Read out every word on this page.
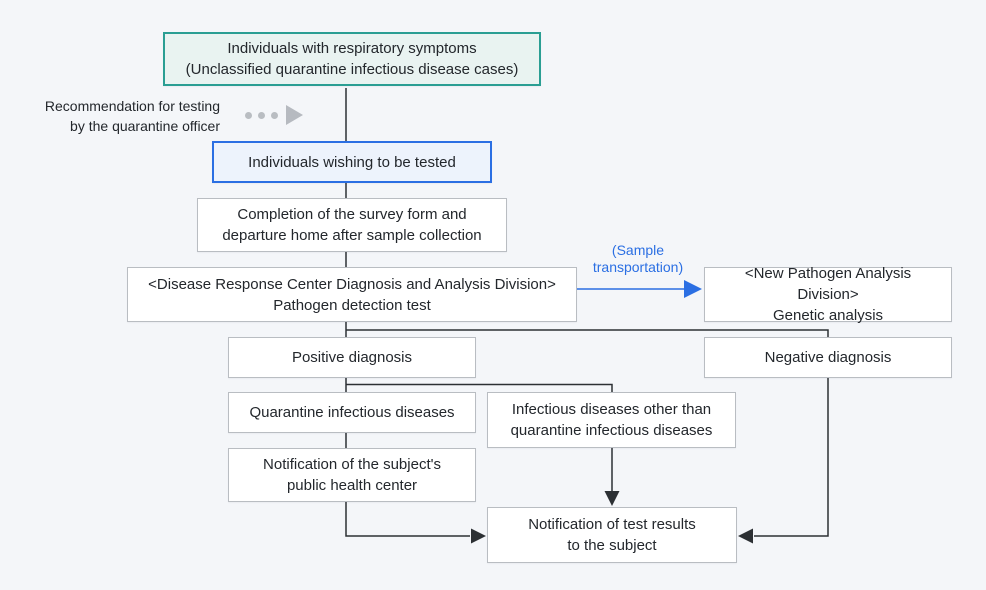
Individuals with respiratory symptoms
(Unclassified quarantine infectious disease cases)
Recommendation for testing by the quarantine officer
Individuals wishing to be tested
Completion of the survey form and
departure home after sample collection
<Disease Response Center Diagnosis and Analysis Division>
Pathogen detection test
(Sample transportation)	<New Pathogen Analysis Division>
Genetic analysis
Positive diagnosis	Negative diagnosis
Quarantine infectious diseases	Infectious diseases other than
quarantine infectious diseases
Notification of the subject's
public health center
Notification of test results
to the subject
